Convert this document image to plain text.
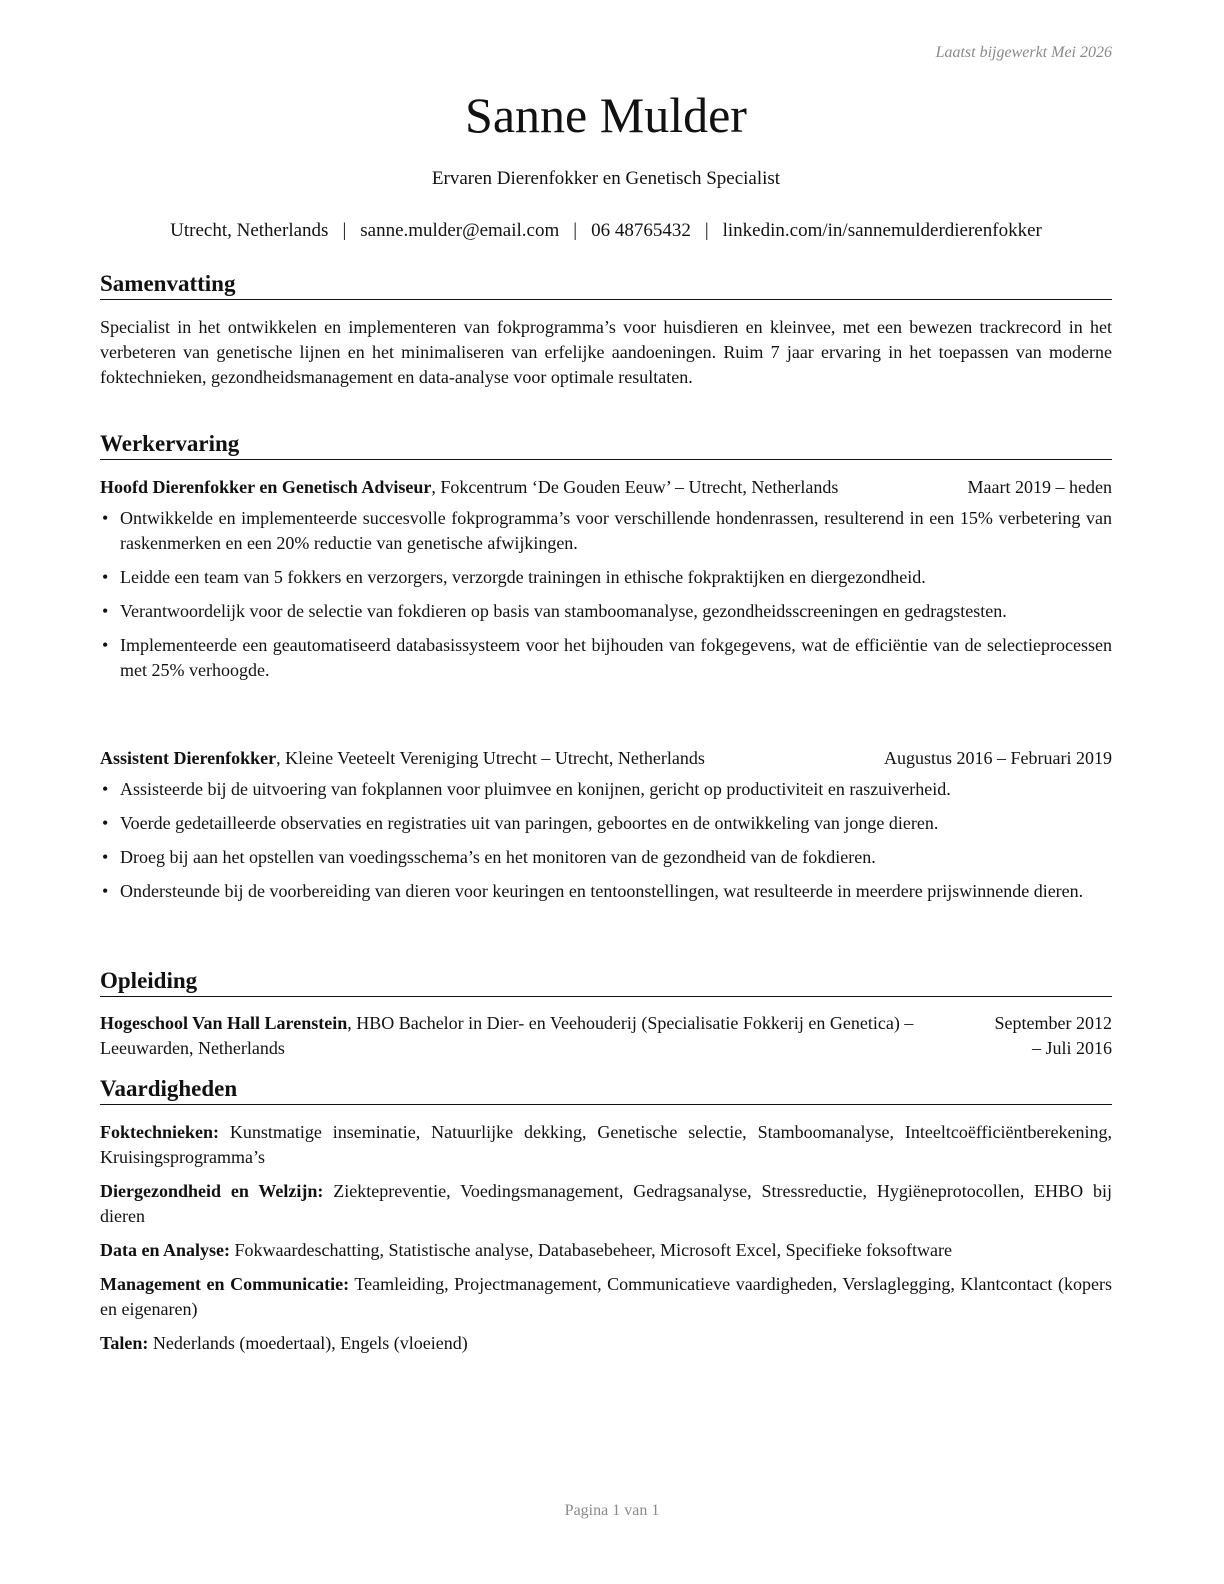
Laatst bijgewerkt Mei 2026
Sanne Mulder
Ervaren Dierenfokker en Genetisch Specialist
Utrecht, Netherlands | sanne.mulder@email.com | 06 48765432 | linkedin.com/in/sannemulderdierenfokker
Samenvatting
Specialist in het ontwikkelen en implementeren van fokprogramma’s voor huisdieren en kleinvee, met een bewezen trackrecord in het verbeteren van genetische lijnen en het minimaliseren van erfelijke aandoeningen. Ruim 7 jaar ervaring in het toepassen van moderne foktechnieken, gezondheidsmanagement en data-analyse voor optimale resultaten.
Werkervaring
Hoofd Dierenfokker en Genetisch Adviseur, Fokcentrum ‘De Gouden Eeuw’ – Utrecht, Netherlands	Maart 2019 – heden
• Ontwikkelde en implementeerde succesvolle fokprogramma’s voor verschillende hondenrassen, resulterend in een 15% verbetering van raskenmerken en een 20% reductie van genetische afwijkingen.
• Leidde een team van 5 fokkers en verzorgers, verzorgde trainingen in ethische fokpraktijken en diergezondheid.
• Verantwoordelijk voor de selectie van fokdieren op basis van stamboomanalyse, gezondheidsscreeningen en gedragstesten.
• Implementeerde een geautomatiseerd databasissysteem voor het bijhouden van fokgegevens, wat de efficiëntie van de selectieprocessen met 25% verhoogde.
Assistent Dierenfokker, Kleine Veeteelt Vereniging Utrecht – Utrecht, Netherlands	Augustus 2016 – Februari 2019
• Assisteerde bij de uitvoering van fokplannen voor pluimvee en konijnen, gericht op productiviteit en raszuiverheid.
• Voerde gedetailleerde observaties en registraties uit van paringen, geboortes en de ontwikkeling van jonge dieren.
• Droeg bij aan het opstellen van voedingsschema’s en het monitoren van de gezondheid van de fokdieren.
• Ondersteunde bij de voorbereiding van dieren voor keuringen en tentoonstellingen, wat resulteerde in meerdere prijswinnende dieren.
Opleiding
Hogeschool Van Hall Larenstein, HBO Bachelor in Dier- en Veehouderij (Specialisatie Fokkerij en Genetica) – Leeuwarden, Netherlands
September 2012 – Juli 2016
Vaardigheden
Foktechnieken: Kunstmatige inseminatie, Natuurlijke dekking, Genetische selectie, Stamboomanalyse, Inteeltcoëfficiëntberekening, Kruisingsprogramma’s
Diergezondheid en Welzijn: Ziektepreventie, Voedingsmanagement, Gedragsanalyse, Stressreductie, Hygiëneprotocollen, EHBO bij dieren
Data en Analyse: Fokwaardeschatting, Statistische analyse, Databasebeheer, Microsoft Excel, Specifieke foksoftware
Management en Communicatie: Teamleiding, Projectmanagement, Communicatieve vaardigheden, Verslaglegging, Klantcontact (kopers en eigenaren)
Talen: Nederlands (moedertaal), Engels (vloeiend)
Pagina 1 van 1
